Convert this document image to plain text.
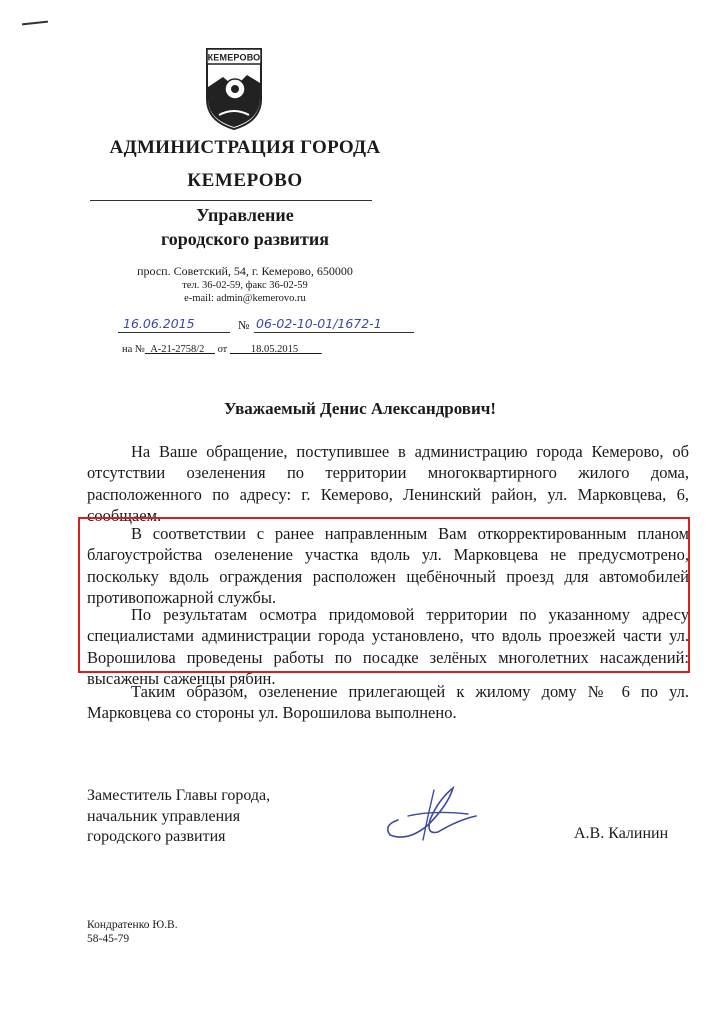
КЕМЕРОВО
АДМИНИСТРАЦИЯ ГОРОДА
КЕМЕРОВО
Управление
городского развития
просп. Советский, 54, г. Кемерово, 650000
тел. 36-02-59, факс 36-02-59
e-mail: admin@kemerovo.ru
16.06.2015	№ 06-02-10-01/1672-1
на № А-21-2758/2 от 18.05.2015
Уважаемый Денис Александрович!

На Ваше обращение, поступившее в администрацию города Кемерово, об отсутствии озеленения по территории многоквартирного жилого дома, расположенного по адресу: г. Кемерово, Ленинский район, ул. Марковцева, 6, сообщаем.

В соответствии с ранее направленным Вам откорректированным планом благоустройства озеленение участка вдоль ул. Марковцева не предусмотрено, поскольку вдоль ограждения расположен щебёночный проезд для автомобилей противопожарной службы.

По результатам осмотра придомовой территории по указанному адресу специалистами администрации города установлено, что вдоль проезжей части ул. Ворошилова проведены работы по посадке зелёных многолетних насаждений: высажены саженцы рябин.

Таким образом, озеленение прилегающей к жилому дому № 6 по ул. Марковцева со стороны ул. Ворошилова выполнено.

Заместитель Главы города,
начальник управления
городского развития	А.В. Калинин
Кондратенко Ю.В.
58-45-79
